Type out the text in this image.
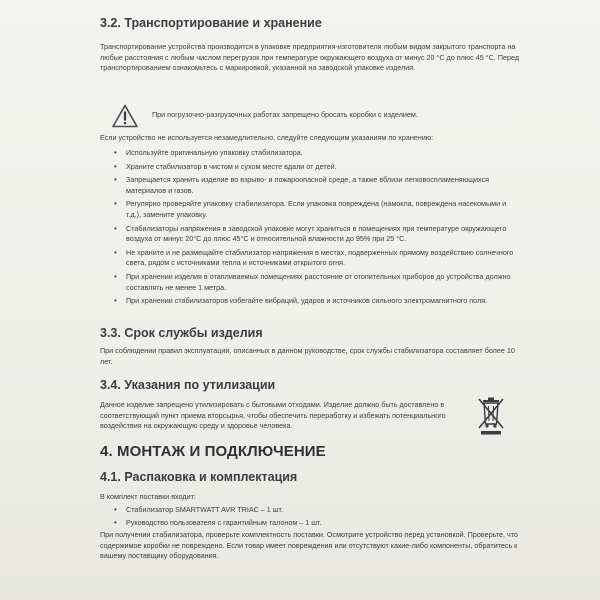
3.2. Транспортирование и хранение

Транспортирование устройства производится в упаковке предприятия-изготовителя любым видом закрытого транспорта на любые расстояния с любым числом перегрузок при температуре окружающего воздуха от минус 20 °С до плюс 45 °С. Перед транспортированием ознакомьтесь с маркировкой, указанной на заводской упаковке изделия.

При погрузочно-разгрузочных работах запрещено бросать коробки с изделием.

Если устройство не используется незамедлительно, следуйте следующим указаниям по хранению:

• Используйте оригинальную упаковку стабилизатора.
• Храните стабилизатор в чистом и сухом месте вдали от детей.
• Запрещается хранить изделие во взрыво- и пожароопасной среде, а также вблизи легковоспламеняющихся материалов и газов.
• Регулярно проверяйте упаковку стабилизатора. Если упаковка повреждена (намокла, повреждена насекомыми и т.д.), замените упаковку.
• Стабилизаторы напряжения в заводской упаковке могут храниться в помещениях при температуре окружающего воздуха от минус 20°С до плюс 45°С и относительной влажности до 95% при 25 °С.
• Не храните и не размещайте стабилизатор напряжения в местах, подверженных прямому воздействию солнечного света, рядом с источниками тепла и источниками открытого огня.
• При хранении изделия в отапливаемых помещениях расстояние от отопительных приборов до устройства должно составлять не менее 1 метра.
• При хранении стабилизаторов избегайте вибраций, ударов и источников сильного электромагнитного поля.
3.3. Срок службы изделия

При соблюдении правил эксплуатации, описанных в данном руководстве, срок службы стабилизатора составляет более 10 лет.

3.4. Указания по утилизации

Данное изделие запрещено утилизировать с бытовыми отходами. Изделие должно быть доставлено в соответствующий пункт приема вторсырья, чтобы обеспечить переработку и избежать потенциального воздействия на окружающую среду и здоровье человека.

4. МОНТАЖ И ПОДКЛЮЧЕНИЕ
4.1. Распаковка и комплектация

В комплект поставки входит:

• Стабилизатор SMARTWATT AVR TRIAC – 1 шт.
• Руководство пользователя с гарантийным талоном – 1 шт.

При получении стабилизатора, проверьте комплектность поставки. Осмотрите устройство перед установкой. Проверьте, что содержимое коробки не повреждено. Если товар имеет повреждения или отсутствуют какие-либо компоненты, обратитесь к вашему поставщику оборудования.
